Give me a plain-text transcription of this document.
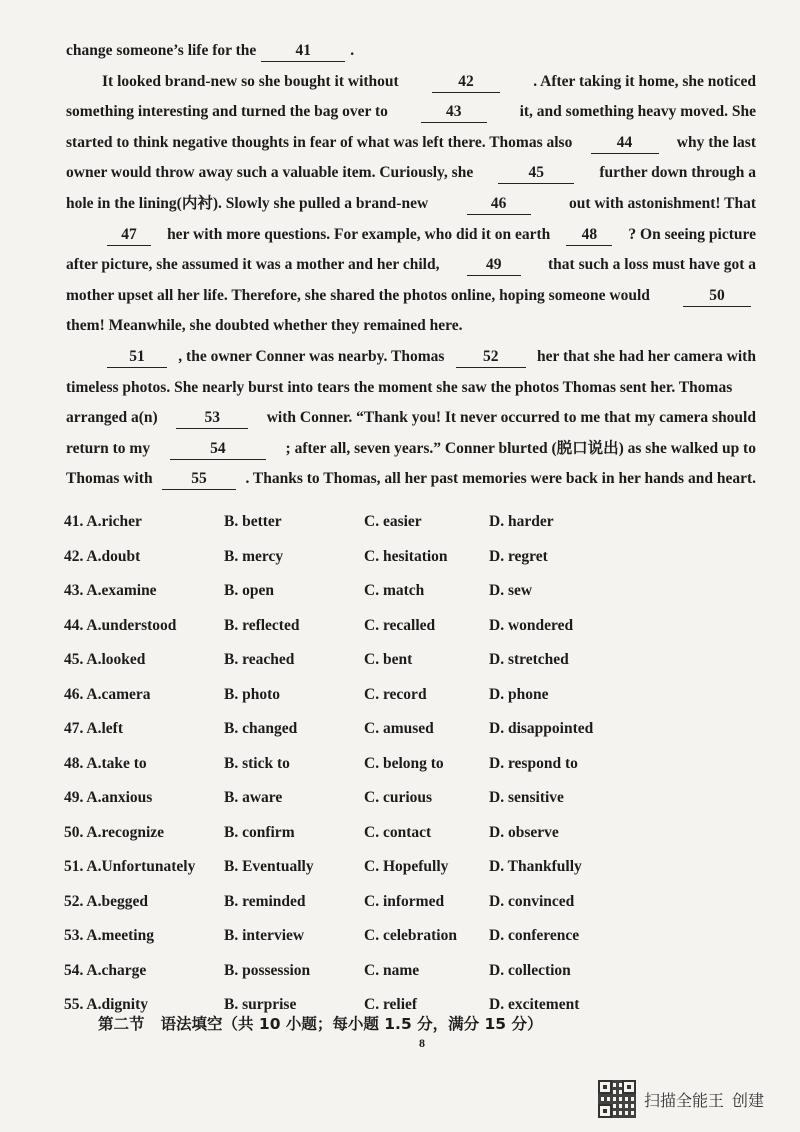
change someone’s life for the	41	.
It looked brand-new so she bought it without	42	. After taking it home, she noticed
something interesting and turned the bag over to	43	it, and something heavy moved. She
started to think negative thoughts in fear of what was left there. Thomas also	44	why the last
owner would throw away such a valuable item. Curiously, she	45	further down through a
hole in the lining(内衬). Slowly she pulled a brand-new	46	out with astonishment! That
47	her with more questions. For example, who did it on earth	48	? On seeing picture
after picture, she assumed it was a mother and her child,	49	that such a loss must have got a
mother upset all her life. Therefore, she shared the photos online, hoping someone would	50
them! Meanwhile, she doubted whether they remained here.
51	, the owner Conner was nearby. Thomas	52	her that she had her camera with
timeless photos. She nearly burst into tears the moment she saw the photos Thomas sent her. Thomas
arranged a(n)	53	with Conner. “Thank you! It never occurred to me that my camera should
return to my	54	; after all, seven years.” Conner blurted (脱口说出) as she walked up to
Thomas with	55	. Thanks to Thomas, all her past memories were back in her hands and heart.
41. A.richer	B. better	C. easier	D. harder
42. A.doubt	B. mercy	C. hesitation	D. regret
43. A.examine	B. open	C. match	D. sew
44. A.understood	B. reflected	C. recalled	D. wondered
45. A.looked	B. reached	C. bent	D. stretched
46. A.camera	B. photo	C. record	D. phone
47. A.left	B. changed	C. amused	D. disappointed
48. A.take to	B. stick to	C. belong to	D. respond to
49. A.anxious	B. aware	C. curious	D. sensitive
50. A.recognize	B. confirm	C. contact	D. observe
51. A.Unfortunately B. Eventually	C. Hopefully	D. Thankfully
52. A.begged	B. reminded	C. informed	D. convinced
53. A.meeting	B. interview	C. celebration D. conference
54. A.charge	B. possession	C. name	D. collection
55. A.dignity	B. surprise	C. relief	D. excitement
第二节 语法填空（共 10 小题；每小题 1.5 分，满分 15 分）
8
扫描全能王 创建
